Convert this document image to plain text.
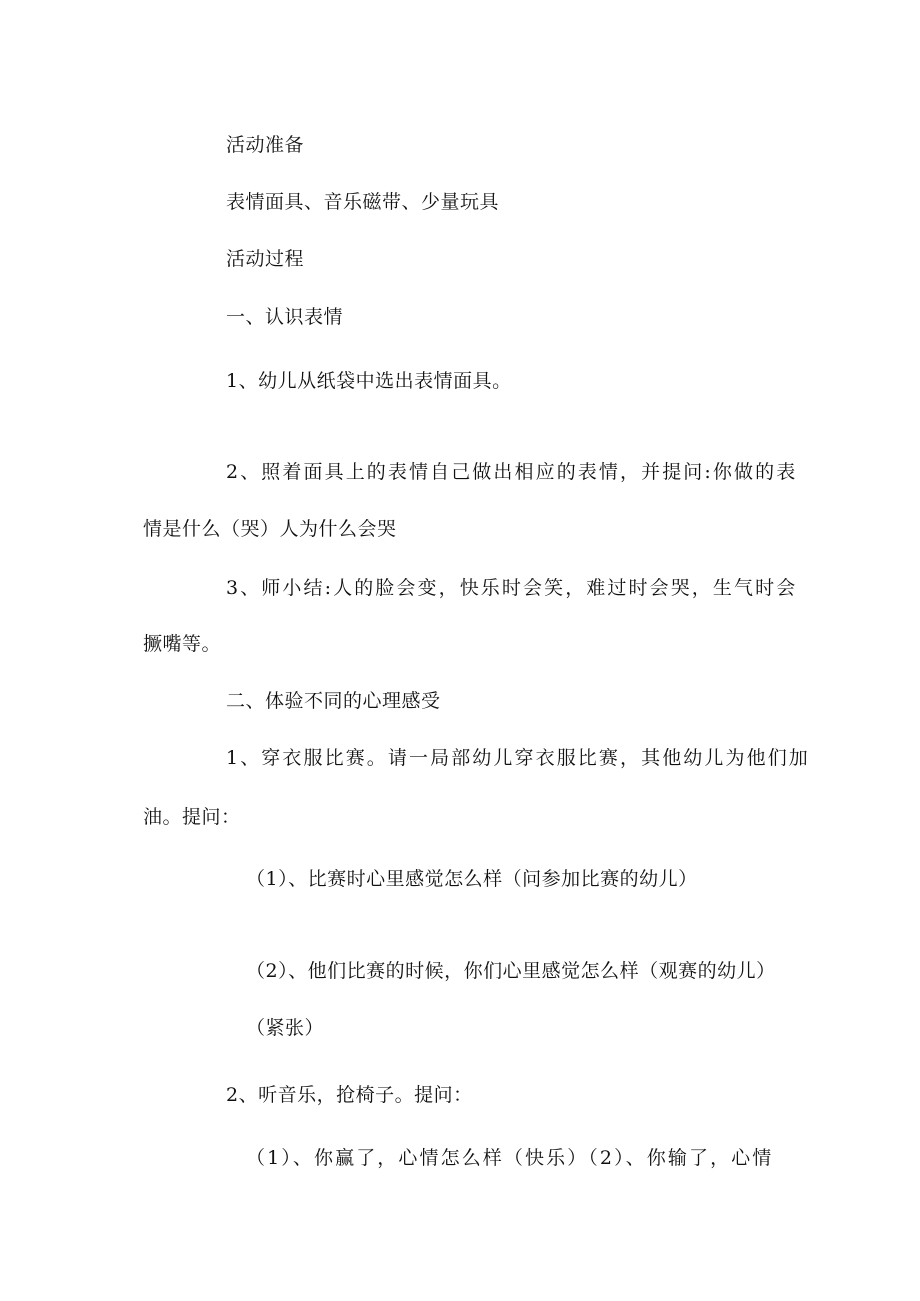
活动准备
表情面具、音乐磁带、少量玩具
活动过程
一、认识表情
1、幼儿从纸袋中选出表情面具。
2、照着面具上的表情自己做出相应的表情，并提问:你做的表
情是什么（哭）人为什么会哭
3、师小结:人的脸会变，快乐时会笑，难过时会哭，生气时会
撅嘴等。
二、体验不同的心理感受
1、穿衣服比赛。请一局部幼儿穿衣服比赛，其他幼儿为他们加
油。提问：
（1）、比赛时心里感觉怎么样（问参加比赛的幼儿）
（2）、他们比赛的时候，你们心里感觉怎么样（观赛的幼儿）
（紧张）
2、听音乐，抢椅子。提问：
（1）、你赢了，心情怎么样（快乐）（2）、你输了，心情
